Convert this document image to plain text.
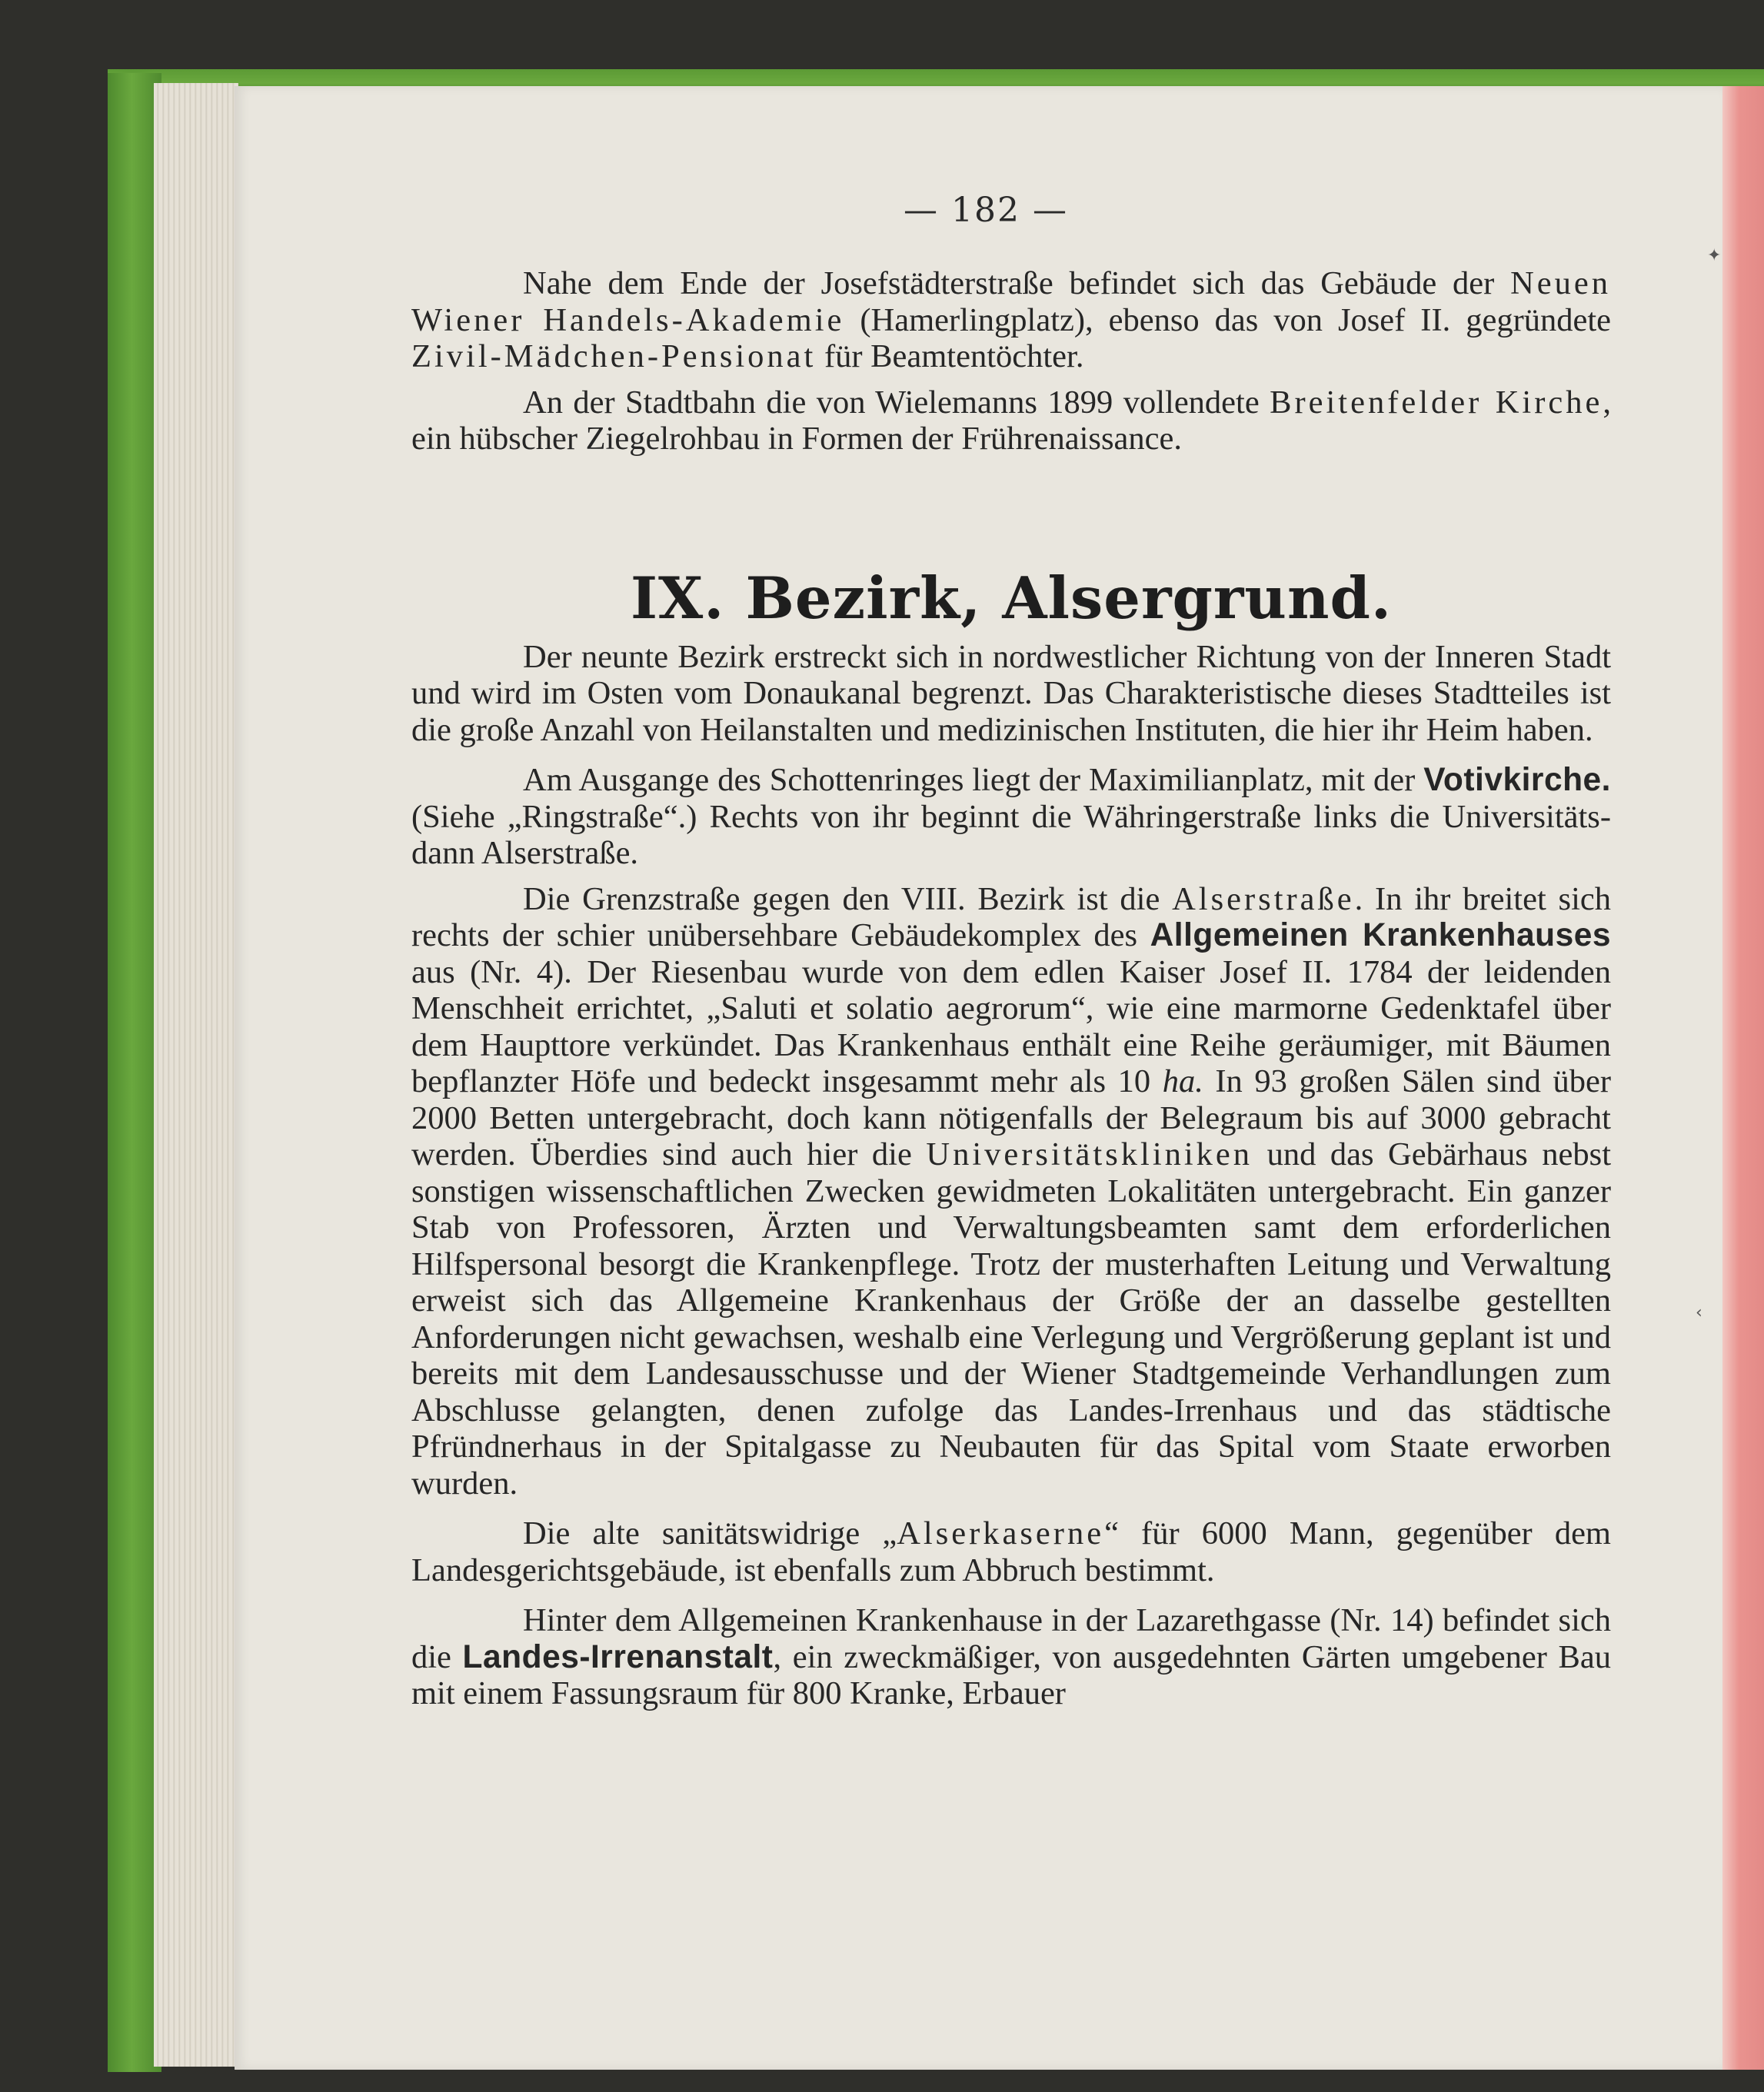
✦
‹
— 182 —

Nahe dem Ende der Josefstädterstraße befindet sich das Gebäude der Neuen Wiener Handels-Akademie (Hamerlingplatz), ebenso das von Josef II. gegründete Zivil-Mädchen-Pensionat für Beamtentöchter.

An der Stadtbahn die von Wielemanns 1899 vollendete Breitenfelder Kirche, ein hübscher Ziegelrohbau in Formen der Frührenaissance.

IX. Bezirk, Alsergrund.

Der neunte Bezirk erstreckt sich in nordwestlicher Richtung von der Inneren Stadt und wird im Osten vom Donaukanal begrenzt. Das Charakteristische dieses Stadtteiles ist die große Anzahl von Heilanstalten und medizinischen Instituten, die hier ihr Heim haben.

Am Ausgange des Schottenringes liegt der Maximilianplatz, mit der Votivkirche. (Siehe „Ringstraße“.) Rechts von ihr beginnt die Währingerstraße links die Universitäts- dann Alserstraße.

Die Grenzstraße gegen den VIII. Bezirk ist die Alserstraße. In ihr breitet sich rechts der schier unübersehbare Gebäudekomplex des Allgemeinen Krankenhauses aus (Nr. 4). Der Riesenbau wurde von dem edlen Kaiser Josef II. 1784 der leidenden Menschheit errichtet, „Saluti et solatio aegrorum“, wie eine marmorne Gedenktafel über dem Haupttore verkündet. Das Krankenhaus enthält eine Reihe geräumiger, mit Bäumen bepflanzter Höfe und bedeckt insgesammt mehr als 10 ha. In 93 großen Sälen sind über 2000 Betten untergebracht, doch kann nötigenfalls der Belegraum bis auf 3000 gebracht werden. Überdies sind auch hier die Universitätskliniken und das Gebärhaus nebst sonstigen wissenschaftlichen Zwecken gewidmeten Lokalitäten untergebracht. Ein ganzer Stab von Professoren, Ärzten und Verwaltungsbeamten samt dem erforderlichen Hilfspersonal besorgt die Krankenpflege. Trotz der musterhaften Leitung und Verwaltung erweist sich das Allgemeine Krankenhaus der Größe der an dasselbe gestellten Anforderungen nicht gewachsen, weshalb eine Verlegung und Vergrößerung geplant ist und bereits mit dem Landesausschusse und der Wiener Stadtgemeinde Verhandlungen zum Abschlusse gelangten, denen zufolge das Landes-Irrenhaus und das städtische Pfründnerhaus in der Spitalgasse zu Neubauten für das Spital vom Staate erworben wurden.

Die alte sanitätswidrige „Alserkaserne“ für 6000 Mann, gegenüber dem Landesgerichtsgebäude, ist ebenfalls zum Abbruch bestimmt.

Hinter dem Allgemeinen Krankenhause in der Lazarethgasse (Nr. 14) befindet sich die Landes-Irrenanstalt, ein zweckmäßiger, von ausgedehnten Gärten umgebener Bau mit einem Fassungsraum für 800 Kranke, Erbauer
